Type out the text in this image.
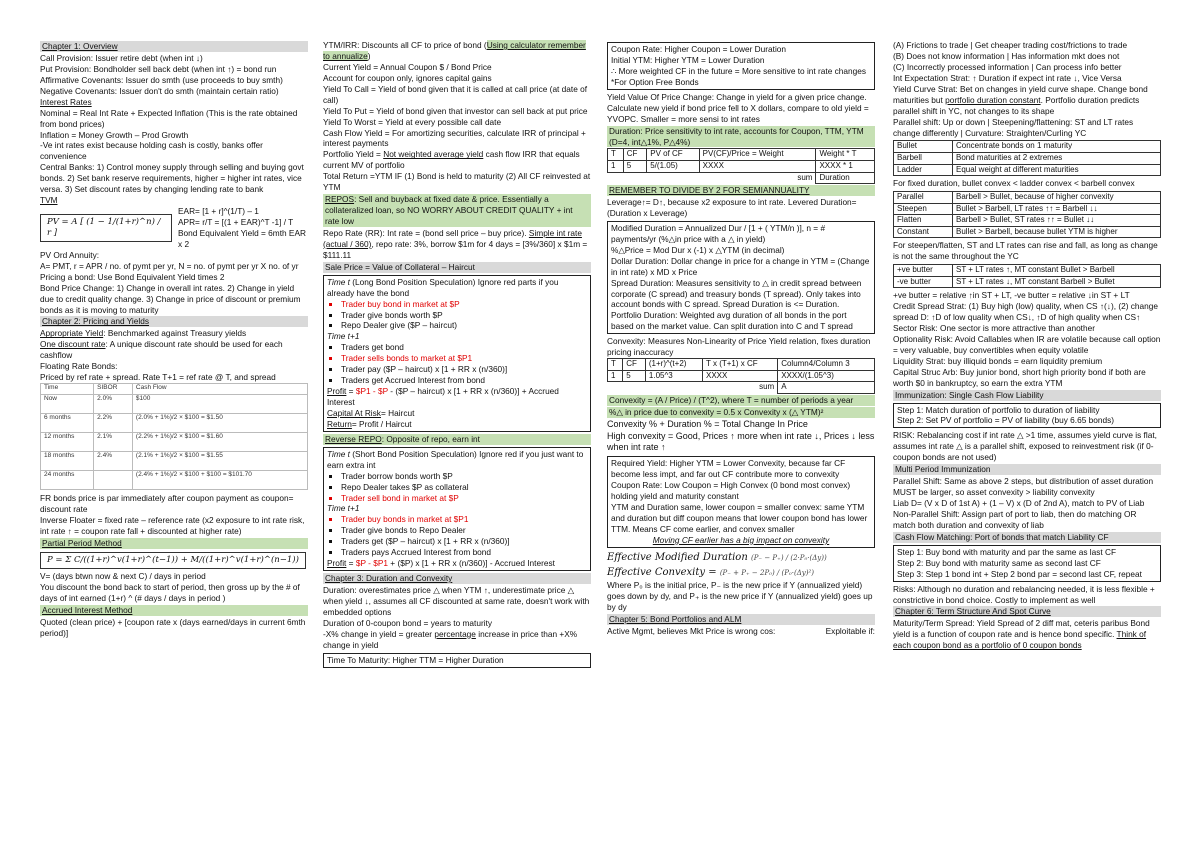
Chapter 1: Overview

Call Provision: Issuer retire debt (when int ↓)

Put Provision: Bondholder sell back debt (when int ↑) = bond run

Affirmative Covenants: Issuer do smth (use proceeds to buy smth)

Negative Covenants: Issuer don't do smth (maintain certain ratio)

Interest Rates

Nominal = Real Int Rate + Expected Inflation (This is the rate obtained from bond prices)

Inflation = Money Growth – Prod Growth

-Ve int rates exist because holding cash is costly, banks offer convenience

Central Banks: 1) Control money supply through selling and buying govt bonds. 2) Set bank reserve requirements, higher = higher int rates, vice versa. 3) Set discount rates by changing lending rate to bank

TVM

PV = A [ (1 − 1/(1+r)^n) / r ]

EAR= [1 + r]^(1/T) – 1

APR= r/T = [(1 + EAR)^T -1] / T

Bond Equivalent Yield = 6mth EAR x 2

PV Ord Annuity:

A= PMT, r = APR / no. of pymt per yr, N = no. of pymt per yr X no. of yr

Pricing a bond: Use Bond Equivalent Yield times 2

Bond Price Change: 1) Change in overall int rates. 2) Change in yield due to credit quality change. 3) Change in price of discount or premium bonds as it is moving to maturity

Chapter 2: Pricing and Yields

Appropriate Yield: Benchmarked against Treasury yields

One discount rate: A unique discount rate should be used for each cashflow

Floating Rate Bonds:

Priced by ref rate + spread. Rate T+1 = ref rate @ T, and spread

Time	SIBOR	Cash Flow
Now	2.0%	$100
6 months	2.2%	(2.0% + 1%)/2 × $100 = $1.50
12 months	2.1%	(2.2% + 1%)/2 × $100 = $1.60
18 months	2.4%	(2.1% + 1%)/2 × $100 = $1.55
24 months		(2.4% + 1%)/2 × $100 + $100 = $101.70

FR bonds price is par immediately after coupon payment as coupon= discount rate

Inverse Floater = fixed rate – reference rate (x2 exposure to int rate risk, int rate ↑ = coupon rate fall + discounted at higher rate)

Partial Period Method
P = Σ C/((1+r)^v(1+r)^(t−1)) + M/((1+r)^v(1+r)^(n−1))

V= (days btwn now & next C) / days in period

You discount the bond back to start of period, then gross up by the # of days of int earned (1+r) ^ (# days / days in period )

Accrued Interest Method

Quoted (clean price) + [coupon rate x (days earned/days in current 6mth period)]

YTM/IRR: Discounts all CF to price of bond (Using calculator remember to annualize)

Current Yield = Annual Coupon $ / Bond Price

Account for coupon only, ignores capital gains

Yield To Call = Yield of bond given that it is called at call price (at date of call)

Yield To Put = Yield of bond given that investor can sell back at put price

Yield To Worst = Yield at every possible call date

Cash Flow Yield = For amortizing securities, calculate IRR of principal + interest payments

Portfolio Yield = Not weighted average yield cash flow IRR that equals current MV of portfolio

Total Return =YTM IF (1) Bond is held to maturity (2) All CF reinvested at YTM

REPOS: Sell and buyback at fixed date & price. Essentially a collateralized loan, so NO WORRY ABOUT CREDIT QUALITY + int rate low

Repo Rate (RR): Int rate = (bond sell price – buy price). Simple int rate (actual / 360), repo rate: 3%, borrow $1m for 4 days = [3%/360] x $1m = $111.11

Sale Price = Value of Collateral – Haircut

Time t (Long Bond Position Speculation) Ignore red parts if you already have the bond

▪ Trader buy bond in market at $P
▪ Trader give bonds worth $P
▪ Repo Dealer give ($P – haircut)

Time t+1

▪ Traders get bond
▪ Trader sells bonds to market at $P1
▪ Trader pay ($P – haircut) x [1 + RR x (n/360)]
▪ Traders get Accrued Interest from bond

Profit = $P1 - $P - ($P – haircut) x [1 + RR x (n/360)] + Accrued Interest

Capital At Risk= Haircut

Return= Profit / Haircut

Reverse REPO: Opposite of repo, earn int

Time t (Short Bond Position Speculation) Ignore red if you just want to earn extra int

▪ Trader borrow bonds worth $P
▪ Repo Dealer takes $P as collateral
▪ Trader sell bond in market at $P

Time t+1

▪ Trader buy bonds in market at $P1
▪ Trader give bonds to Repo Dealer
▪ Traders get ($P – haircut) x [1 + RR x (n/360)]
▪ Traders pays Accrued Interest from bond

Profit = $P - $P1 + ($P) x [1 + RR x (n/360)] - Accrued Interest

Chapter 3: Duration and Convexity

Duration: overestimates price △ when YTM ↑, underestimate price △ when yield ↓, assumes all CF discounted at same rate, doesn't work with embedded options

Duration of 0-coupon bond = years to maturity

-X% change in yield = greater percentage increase in price than +X% change in yield

Time To Maturity: Higher TTM = Higher Duration

Coupon Rate: Higher Coupon = Lower Duration

Initial YTM: Higher YTM = Lower Duration

∴ More weighted CF in the future = More sensitive to int rate changes

*For Option Free Bonds

Yield Value Of Price Change: Change in yield for a given price change. Calculate new yield if bond price fell to X dollars, compare to old yield = YVOPC. Smaller = more sensi to int rates

Duration: Price sensitivity to int rate, accounts for Coupon, TTM, YTM (D=4, int△1%, P△4%)
T	CF	PV of CF	PV(CF)/Price = Weight	Weight * T
1	5	5/(1.05)	XXXX	XXXX * 1
sum				Duration
REMEMBER TO DIVIDE BY 2 FOR SEMIANNUALITY

Leverage↑= D↑, because x2 exposure to int rate. Levered Duration= (Duration x Leverage)

Modified Duration = Annualized Dur / [1 + ( YTM/n )], n = # payments/yr (%△in price with a △ in yield)

%△Price = Mod Dur x (-1) x △YTM (in decimal)

Dollar Duration: Dollar change in price for a change in YTM = (Change in int rate) x MD x Price

Spread Duration: Measures sensitivity to △ in credit spread between corporate (C spread) and treasury bonds (T spread). Only takes into account bonds with C spread. Spread Duration is <= Duration.

Portfolio Duration: Weighted avg duration of all bonds in the port based on the market value. Can split duration into C and T spread

Convexity: Measures Non-Linearity of Price Yield relation, fixes duration pricing inaccuracy

T	CF	(1+r)^(t+2)	T x (T+1) x CF	Column4/Column 3
1	5	1.05^3	XXXX	XXXX/(1.05^3)
sum				A
Convexity = (A / Price) / (T^2), where T = number of periods a year
%△ in price due to convexity = 0.5 x Convexity x (△ YTM)²

Convexity % + Duration % = Total Change In Price

High convexity = Good, Prices ↑ more when int rate ↓, Prices ↓ less when int rate ↑

Required Yield: Higher YTM = Lower Convexity, because far CF become less impt, and far out CF contribute more to convexity

Coupon Rate: Low Coupon = High Convex (0 bond most convex) holding yield and maturity constant

YTM and Duration same, lower coupon = smaller convex: same YTM and duration but diff coupon means that lower coupon bond has lower TTM. Means CF come earlier, and convex smaller

Moving CF earlier has a big impact on convexity

Effective Modified Duration (P₋ − P₊) / (2·P₀·(Δy))

Effective Convexity = (P₋ + P₊ − 2P₀) / (P₀·(Δy)²)

Where P₀ is the initial price, P₋ is the new price if Y (annualized yield) goes down by dy, and P₊ is the new price if Y (annualized yield) goes up by dy

Chapter 5: Bond Portfolios and ALM

Active Mgmt, believes Mkt Price is wrong cos:	Exploitable if:

(A) Frictions to trade | Get cheaper trading cost/frictions to trade

(B) Does not know information | Has information mkt does not

(C) Incorrectly processed information | Can process info better

Int Expectation Strat: ↑ Duration if expect int rate ↓, Vice Versa

Yield Curve Strat: Bet on changes in yield curve shape. Change bond maturities but portfolio duration constant. Portfolio duration predicts parallel shift in YC, not changes to its shape

Parallel shift: Up or down | Steepening/flattening: ST and LT rates change differently | Curvature: Straighten/Curling YC

Bullet	Concentrate bonds on 1 maturity
Barbell	Bond maturities at 2 extremes
Ladder	Equal weight at different maturities

For fixed duration, bullet convex < ladder convex < barbell convex

Parallel	Barbell > Bullet, because of higher convexity
Steepen	Bullet > Barbell, LT rates ↑↑ = Barbell ↓↓
Flatten	Barbell > Bullet, ST rates ↑↑ = Bullet ↓↓
Constant	Bullet > Barbell, because bullet YTM is higher

For steepen/flatten, ST and LT rates can rise and fall, as long as change is not the same throughout the YC

+ve butter	ST + LT rates ↑, MT constant Bullet > Barbell
-ve butter	ST + LT rates ↓, MT constant Barbell > Bullet

+ve butter = relative ↑in ST + LT, -ve butter = relative ↓in ST + LT

Credit Spread Strat: (1) Buy high (low) quality, when CS ↑(↓), (2) change spread D: ↑D of low quality when CS↓, ↑D of high quality when CS↑

Sector Risk: One sector is more attractive than another

Optionality Risk: Avoid Callables when IR are volatile because call option = very valuable, buy convertibles when equity volatile

Liquidity Strat: buy illiquid bonds = earn liquidity premium

Capital Struc Arb: Buy junior bond, short high priority bond if both are worth $0 in bankruptcy, so earn the extra YTM

Immunization: Single Cash Flow Liability

Step 1: Match duration of portfolio to duration of liability

Step 2: Set PV of portfolio = PV of liability (buy 6.65 bonds)

RISK: Rebalancing cost if int rate △ >1 time, assumes yield curve is flat, assumes int rate △ is a parallel shift, exposed to reinvestment risk (if 0-coupon bonds are not used)

Multi Period Immunization

Parallel Shift: Same as above 2 steps, but distribution of asset duration MUST be larger, so asset convexity > liability convexity

Liab D= (V x D of 1st A) + (1 – V) x (D of 2nd A), match to PV of Liab

Non-Parallel Shift: Assign part of port to liab, then do matching OR match both duration and convexity of liab

Cash Flow Matching: Port of bonds that match Liability CF

Step 1: Buy bond with maturity and par the same as last CF

Step 2: Buy bond with maturity same as second last CF

Step 3: Step 1 bond int + Step 2 bond par = second last CF, repeat

Risks: Although no duration and rebalancing needed, it is less flexible + constrictive in bond choice. Costly to implement as well

Chapter 6: Term Structure And Spot Curve

Maturity/Term Spread: Yield Spread of 2 diff mat, ceteris paribus Bond yield is a function of coupon rate and is hence bond specific. Think of each coupon bond as a portfolio of 0 coupon bonds
